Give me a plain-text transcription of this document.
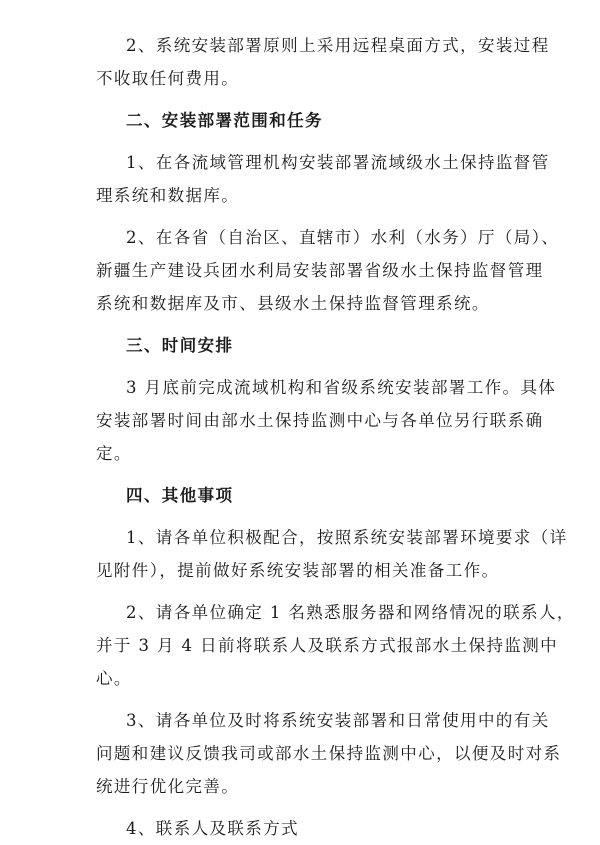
2、系统安装部署原则上采用远程桌面方式，安装过程

不收取任何费用。

二、安装部署范围和任务

1、在各流域管理机构安装部署流域级水土保持监督管

理系统和数据库。

2、在各省（自治区、直辖市）水利（水务）厅（局）、

新疆生产建设兵团水利局安装部署省级水土保持监督管理

系统和数据库及市、县级水土保持监督管理系统。

三、时间安排

3 月底前完成流域机构和省级系统安装部署工作。具体

安装部署时间由部水土保持监测中心与各单位另行联系确

定。

四、其他事项

1、请各单位积极配合，按照系统安装部署环境要求（详

见附件），提前做好系统安装部署的相关准备工作。

2、请各单位确定 1 名熟悉服务器和网络情况的联系人，

并于 3 月 4 日前将联系人及联系方式报部水土保持监测中

心。

3、请各单位及时将系统安装部署和日常使用中的有关

问题和建议反馈我司或部水土保持监测中心，以便及时对系

统进行优化完善。

4、联系人及联系方式
